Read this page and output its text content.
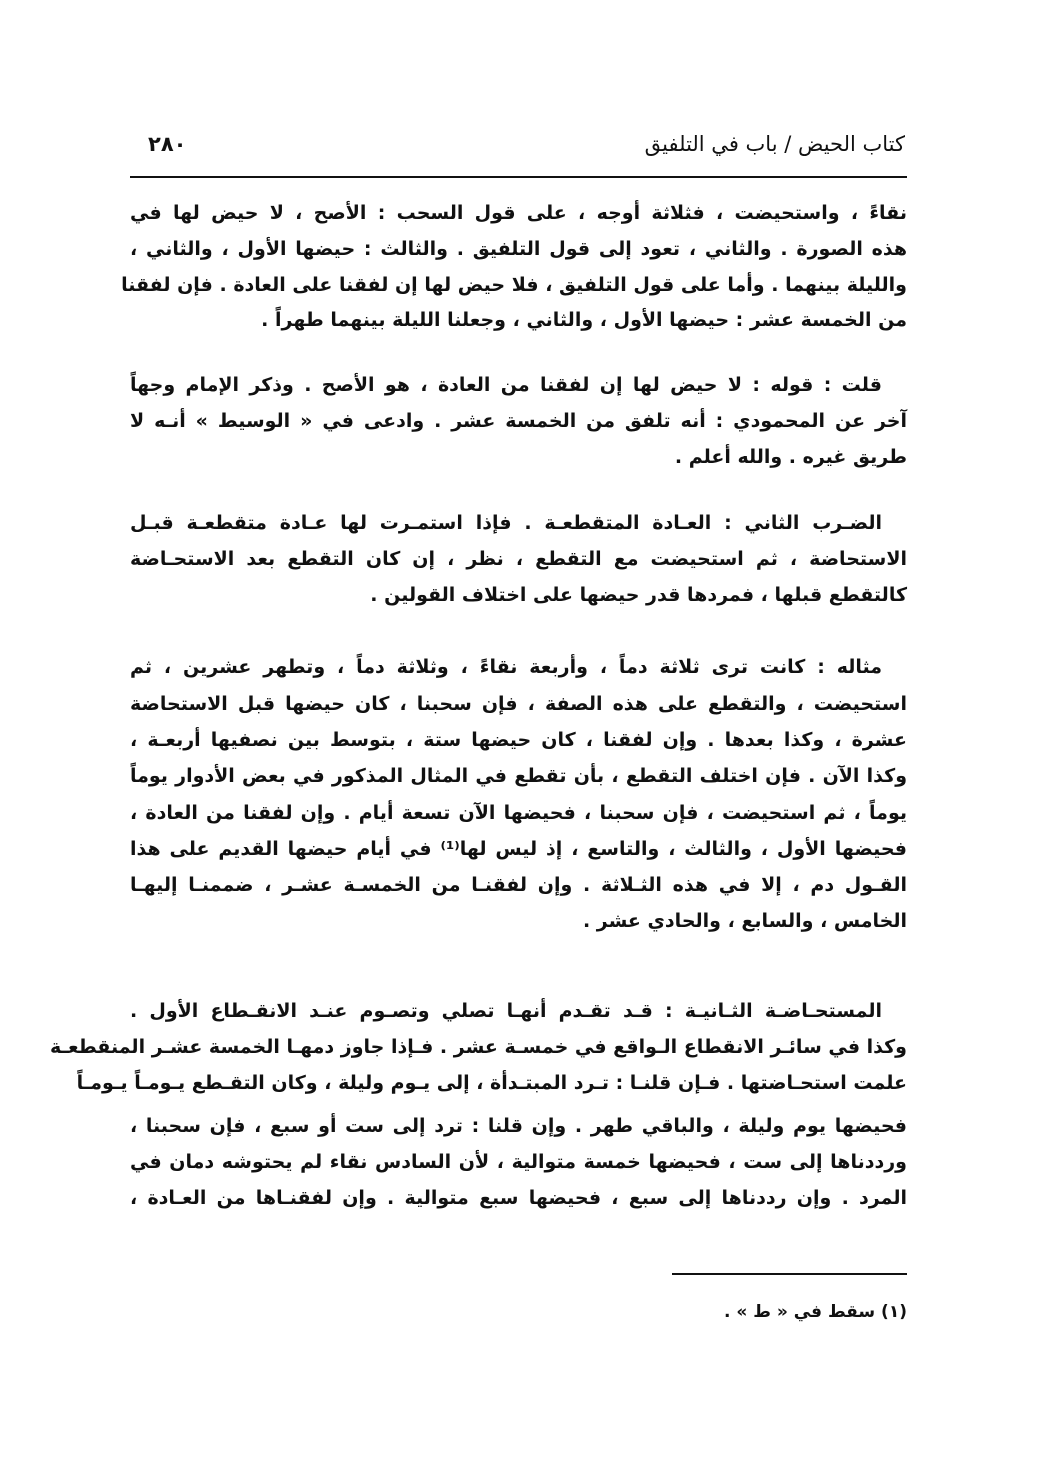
كتاب الحيض / باب في التلفيق
٢٨٠
نقاءً ، واستحيضت ، فثلاثة أوجه ، على قول السحب : الأصح ، لا حيض لها في
هذه الصورة . والثاني ، تعود إلى قول التلفيق . والثالث : حيضها الأول ، والثاني ،
والليلة بينهما . وأما على قول التلفيق ، فلا حيض لها إن لفقنا على العادة . فإن لفقنا
من الخمسة عشر : حيضها الأول ، والثاني ، وجعلنا الليلة بينهما طهراً .
قلت : قوله : لا حيض لها إن لفقنا من العادة ، هو الأصح . وذكر الإمام وجهاً
آخر عن المحمودي : أنه تلفق من الخمسة عشر . وادعى في « الوسيط » أنـه لا
طريق غيره . والله أعلم .
الضـرب الثاني : العـادة المتقطعـة . فإذا استمـرت لها عـادة متقطعـة قبـل
الاستحاضة ، ثم استحيضت مع التقطع ، نظر ، إن كان التقطع بعد الاستحـاضة
كالتقطع قبلها ، فمردها قدر حيضها على اختلاف القولين .
مثاله : كانت ترى ثلاثة دماً ، وأربعة نقاءً ، وثلاثة دماً ، وتطهر عشرين ، ثم
استحيضت ، والتقطع على هذه الصفة ، فإن سحبنا ، كان حيضها قبل الاستحاضة
عشرة ، وكذا بعدها . وإن لفقنا ، كان حيضها ستة ، بتوسط بين نصفيها أربعـة ،
وكذا الآن . فإن اختلف التقطع ، بأن تقطع في المثال المذكور في بعض الأدوار يوماً
يوماً ، ثم استحيضت ، فإن سحبنا ، فحيضها الآن تسعة أيام . وإن لفقنا من العادة ،
فحيضها الأول ، والثالث ، والتاسع ، إذ ليس لها⁽¹⁾ في أيام حيضها القديم على هذا
القـول دم ، إلا في هذه الثـلاثة . وإن لفقنـا من الخمسـة عشـر ، ضممنـا إليهـا
الخامس ، والسابع ، والحادي عشر .
المستحـاضـة الثـانيـة : قـد تقـدم أنهـا تصلي وتصـوم عنـد الانقـطاع الأول .
وكذا في سائـر الانقطاع الـواقع في خمسـة عشر . فـإذا جاوز دمهـا الخمسة عشـر المنقطعـة
علمت استحـاضتها . فـإن قلنـا : تـرد المبتـدأة ، إلى يـوم وليلة ، وكان التقـطع يـومـاً يـومـاً
فحيضها يوم وليلة ، والباقي طهر . وإن قلنا : ترد إلى ست أو سبع ، فإن سحبنا ،
ورددناها إلى ست ، فحيضها خمسة متوالية ، لأن السادس نقاء لم يحتوشه دمان في
المرد . وإن رددناها إلى سبع ، فحيضها سبع متوالية . وإن لفقنـاها من العـادة ،
(١) سقط في « ط » .
